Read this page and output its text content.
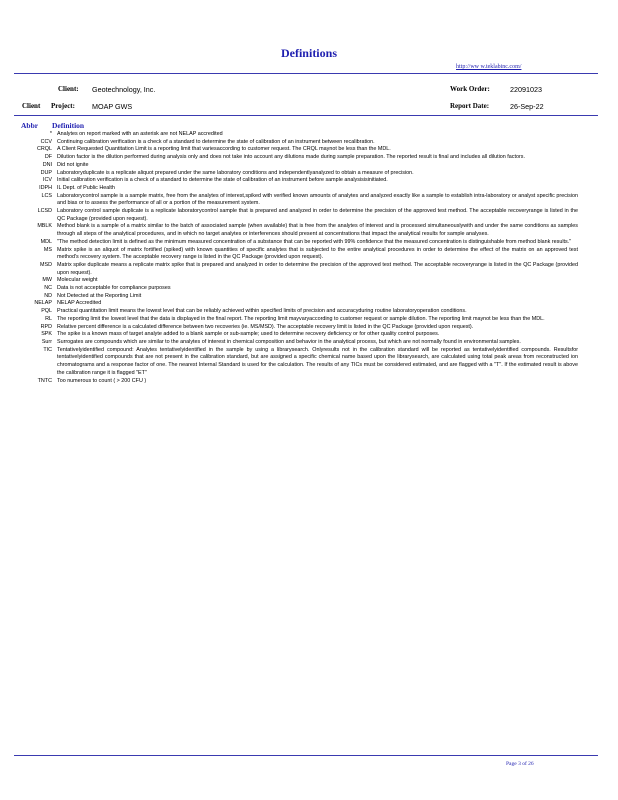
Definitions
http://ww w.teklabinc.com/
Client: Geotechnology, Inc.	Work Order:	22091023
Client Project: MOAP GWS	Report Date:	26-Sep-22
Abbr Definition
* Analytes on report marked with an asterisk are not NELAP accredited
CCV Continuing calibration verification is a check of a standard to determine the state of calibration of an instrument between recalibration.
CRQL A Client Requested Quantitation Limit is a reporting limit that variesaccording to customer request. The CRQL maynot be less than the MDL.
DF Dilution factor is the dilution performed during analysis only and does not take into account any dilutions made during sample preparation. The reported result is final and includes all dilution factors.
DNI Did not ignite
DUP Laboratoryduplicate is a replicate aliquot prepared under the same laboratory conditions and independentlyanalyzed to obtain a measure of precision.
ICV Initial calibration verification is a check of a standard to determine the state of calibration of an instrument before sample analysisisinitiated.
IDPH IL Dept. of Public Health
LCS Laboratorycontrol sample is a sample matrix, free from the analytes of interest,spiked with verified known amounts of analytes and analyzed exactly like a sample to establish intra-laboratory or analyst specific precision and bias or to assess the performance of all or a portion of the measurement system.
LCSD Laboratory control sample duplicate is a replicate laboratorycontrol sample that is prepared and analyzed in order to determine the precision of the approved test method. The acceptable recoveryrange is listed in the QC Package (provided upon request).
MBLK Method blank is a sample of a matrix similar to the batch of associated sample (when available) that is free from the analytes of interest and is processed simultaneouslywith and under the same conditions as samples through all steps of the analytical procedures, and in which no target analytes or interferences should present at concentrations that impact the analytical results for sample analyses.
MDL "The method detection limit is defined as the minimum measured concentration of a substance that can be reported with 99% confidence that the measured concentration is distinguishable from method blank results."
MS Matrix spike is an aliquot of matrix fortified (spiked) with known quantities of specific analytes that is subjected to the entire analytical procedures in order to determine the effect of the matrix on an approved test method's recovery system. The acceptable recovery range is listed in the QC Package (provided upon request).
MSD Matrix spike duplicate means a replicate matrix spike that is prepared and analyzed in order to determine the precision of the approved test method. The acceptable recoveryrange is listed in the QC Package (provided upon request).
MW Molecular weight
NC Data is not acceptable for compliance purposes
ND Not Detected at the Reporting Limit
NELAP NELAP Accredited
PQL Practical quantitation limit means the lowest level that can be reliably achieved within specified limits of precision and accuracyduring routine laboratoryoperation conditions.
RL The reporting limit the lowest level that the data is displayed in the final report. The reporting limit mayvaryaccording to customer request or sample dilution. The reporting limit maynot be less than the MDL.
RPD Relative percent difference is a calculated difference between two recoveries (ie. MS/MSD). The acceptable recovery limit is listed in the QC Package (provided upon request).
SPK The spike is a known mass of target analyte added to a blank sample or sub-sample; used to determine recovery deficiency or for other quality control purposes.
Surr Surrogates are compounds which are similar to the analytes of interest in chemical composition and behavior in the analytical process, but which are not normally found in environmental samples.
TIC Tentativelyidentified compound: Analytes tentativelyidentified in the sample by using a librarysearch. Onlyresults not in the calibration standard will be reported as tentativelyidentified compounds. Resultsfor tentativelyidentified compounds that are not present in the calibration standard, but are assigned a specific chemical name based upon the librarysearch, are calculated using total peak areas from reconstructed ion chromatograms and a response factor of one. The nearest Internal Standard is used for the calculation. The results of any TICs must be considered estimated, and are flagged with a "T". If the estimated result is above the calibration range it is flagged "ET"
TNTC Too numerous to count ( > 200 CFU )
Page 3 of 26
